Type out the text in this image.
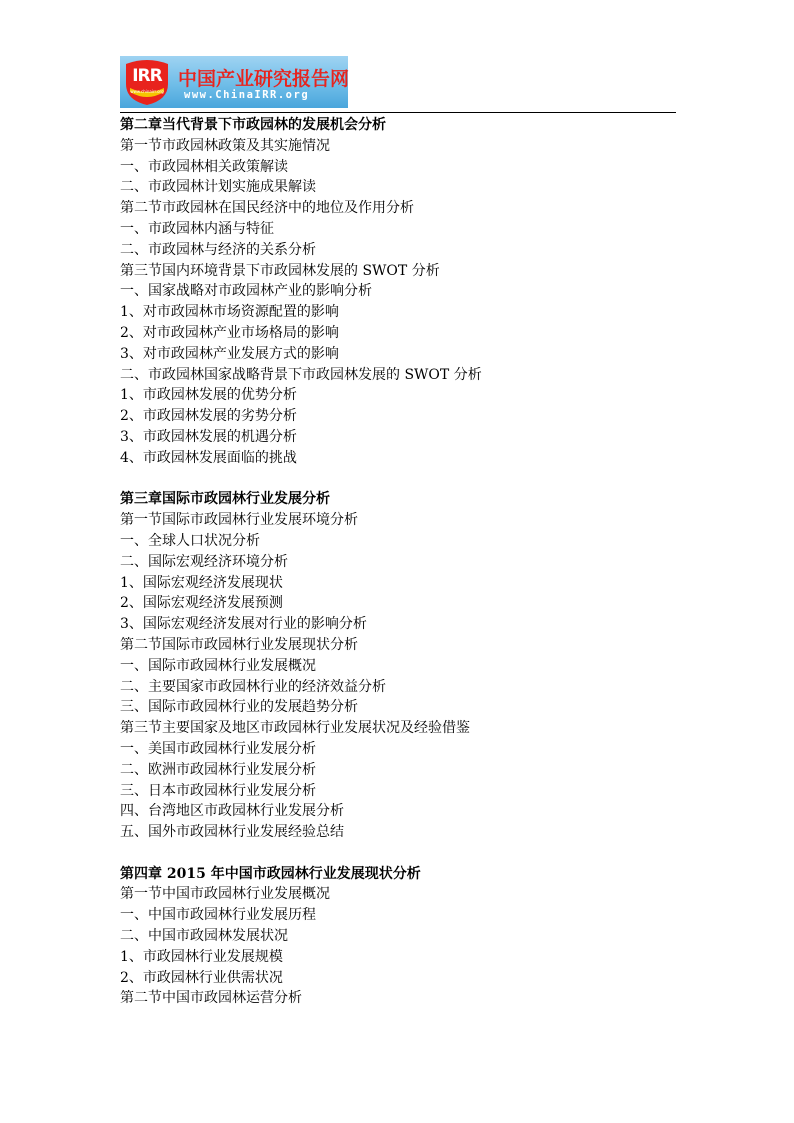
IRR
www.chinairr.org
中国产业研究报告网
www.ChinaIRR.org
第二章当代背景下市政园林的发展机会分析
第一节市政园林政策及其实施情况
一、市政园林相关政策解读
二、市政园林计划实施成果解读
第二节市政园林在国民经济中的地位及作用分析
一、市政园林内涵与特征
二、市政园林与经济的关系分析
第三节国内环境背景下市政园林发展的 SWOT 分析
一、国家战略对市政园林产业的影响分析
1、对市政园林市场资源配置的影响
2、对市政园林产业市场格局的影响
3、对市政园林产业发展方式的影响
二、市政园林国家战略背景下市政园林发展的 SWOT 分析
1、市政园林发展的优势分析
2、市政园林发展的劣势分析
3、市政园林发展的机遇分析
4、市政园林发展面临的挑战
第三章国际市政园林行业发展分析
第一节国际市政园林行业发展环境分析
一、全球人口状况分析
二、国际宏观经济环境分析
1、国际宏观经济发展现状
2、国际宏观经济发展预测
3、国际宏观经济发展对行业的影响分析
第二节国际市政园林行业发展现状分析
一、国际市政园林行业发展概况
二、主要国家市政园林行业的经济效益分析
三、国际市政园林行业的发展趋势分析
第三节主要国家及地区市政园林行业发展状况及经验借鉴
一、美国市政园林行业发展分析
二、欧洲市政园林行业发展分析
三、日本市政园林行业发展分析
四、台湾地区市政园林行业发展分析
五、国外市政园林行业发展经验总结
第四章 2015 年中国市政园林行业发展现状分析
第一节中国市政园林行业发展概况
一、中国市政园林行业发展历程
二、中国市政园林发展状况
1、市政园林行业发展规模
2、市政园林行业供需状况
第二节中国市政园林运营分析
